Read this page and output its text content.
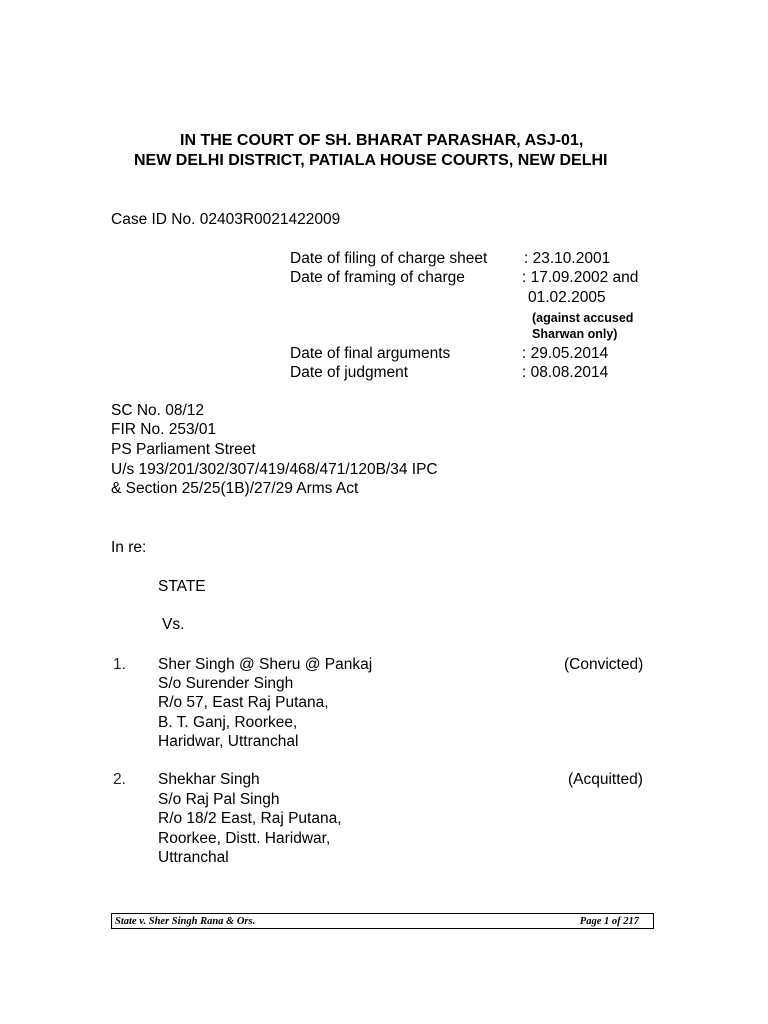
IN THE COURT OF SH. BHARAT PARASHAR, ASJ-01,
NEW DELHI DISTRICT, PATIALA HOUSE COURTS, NEW DELHI
Case ID No. 02403R0021422009
Date of filing of charge sheet : 23.10.2001
Date of framing of charge	: 17.09.2002 and
01.02.2005
(against accused
Sharwan only)
Date of final arguments	: 29.05.2014
Date of judgment	: 08.08.2014
SC No. 08/12
FIR No. 253/01
PS Parliament Street
U/s 193/201/302/307/419/468/471/120B/34 IPC
& Section 25/25(1B)/27/29 Arms Act
In re:
STATE
Vs.
1. Sher Singh @ Sheru @ Pankaj	(Convicted)
S/o Surender Singh
R/o 57, East Raj Putana,
B. T. Ganj, Roorkee,
Haridwar, Uttranchal
2. Shekhar Singh	(Acquitted)
S/o Raj Pal Singh
R/o 18/2 East, Raj Putana,
Roorkee, Distt. Haridwar,
Uttranchal
State v. Sher Singh Rana & Ors.	Page 1 of 217
